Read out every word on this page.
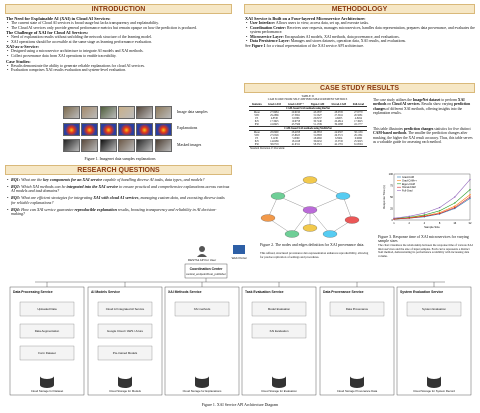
INTRODUCTION
The Need for Explainable AI (XAI) in Cloud AI Services:
• The current state of Cloud AI services is broad usage but lacks transparency and explainability.
• The Cloud AI services only provide general performance metrics but remain opaque on how the prediction is produced.
The Challenge of XAI for Cloud AI Services:
• Need of explanation results without unfolding the network structure of the learning model.
• XAI operations should be accessible at the same stage as learning performance evaluation.
XAI-as-a-Service:
• Designed using a microservice architecture to integrate AI models and XAI methods.
• Collect provenance data from XAI operations to enable traceability.
Case Studies:
• Results demonstrate the ability to generate reliable explanations for cloud AI services.
• Evaluation comprises XAI results evaluation and system-level evaluation.
Image data samples
Explanations
Masked images
Figure 1. Imagenet data samples explanations
RESEARCH QUESTIONS
• RQ1: What are the key components for an XAI service capable of handling diverse AI tasks, data types, and models?
• RQ2: Which XAI methods can be integrated into the XAI service to ensure practical and comprehensive explanations across various AI models and task domains?
• RQ3: What are efficient strategies for integrating XAI with cloud AI services, managing custom data, and executing diverse tasks for reliable explanations?
• RQ4: How can XAI service guarantee reproducible explanation results, boosting transparency and reliability in AI decision-making?
METHODOLOGY
XAI Service is Built on a Four-layered Microservice Architecture:
• User Interface: Allows users to view, access data, set up, and execute tasks.
• Coordination Center: Receives user requests, manages microservices, handles data representation, prepares data provenance, and evaluates the system performance.
• Microservice Layer: Encapsulates AI models, XAI methods, data provenance, and evaluations.
• Data Persistence Layer: Manages and stores datasets, operation data, XAI results, and evaluations.
See Figure 1 for a visual representation of the XAI service API architecture.
CASE STUDY RESULTS
TABLE II
CAM SCORE FROM SELF-DEFINED MEASUREMENT METRICS
Statistics	Grad-CAM	Grad-CAM++	Eigen-CAM	XGrad-CAM	Full-Grad
CAM-based XAI methods using ResNet					
Mean	27.9984	29.9190	43.2837	28.0335	27.9770
STD	29.2866	27.3691	31.5627	27.3041	26.5681
P5	4.8530	6.6366	20.8257	4.6005	4.8294
P25	17.3625	19.9758	30.7240	20.4814	17.3625
P50	41.6925	43.7566	51.1339	39.2088	43.1777
CAM-based XAI methods using MobileNet					
Mean	28.0990	28.4058	46.3853	24.9597	38.1156
STD	27.0526	25.8625	31.8883	26.3721	29.1361
P5	5.1230	5.0069	18.4682	6.3904	6.9096
P25	14.6289	18.1168	30.6452	15.5745	25.5025
P50	38.0719	41.9311	58.3515	42.1781	61.8594
Standard Deviation. P: Percentile					
The case study utilizes the ImageNet dataset to perform XAI methods on Cloud AI services. Results show varying prediction changes of different XAI methods, offering insights into the explanation results.
This table illustrates prediction changes statistics for five distinct CAM-based methods. The smaller the prediction changes after masking, the higher the XAI result accuracy. Thus, this table serves as a valuable guide for assessing each method.
Figure 2. The nodes and edges definition for XAI provenance data.
This refined, structured provenance data representation enhances reproducibility, allowing for precise replication of settings and procedures.
1	2	4	8	16	32
0
25
50
75
100
Sample Size
Response Time (s)
Grad-CAM
Grad-CAM++
Eigen-CAM
XGrad-CAM
Full-Grad
Figure 3. Response time of XAI microservices for varying sample sizes
The chart visualizes the relationship between the response time of various XAI microservices and the size of input samples. Each curve represents a distinct XAI method, demonstrating its performance scalability with increasing data volume.
RESTful API for User	Web Portal
Coordination Center
central_endpoint/host_publisher
Data Processing Service
Uploaded Data
Data Augmentation
Form Dataset
Cloud Storage for Dataset
AI Models Service
Cloud AI Integrated AI Service
Google Cloud / AWS / Azure
Pre-trained Models
Cloud Storage for Models
XAI Methods Service
XAI methods
Cloud Storage for Explanations
Task Evaluation Service
Model Evaluation
XAI Evaluation
Cloud Storage for Evaluation
Data Provenance Service
Data Provenance
Cloud Storage Provenance Data
System Evaluation Service
System Evaluation
Cloud Storage for System Record
Figure 1. XAI Service API Architecture Diagram
